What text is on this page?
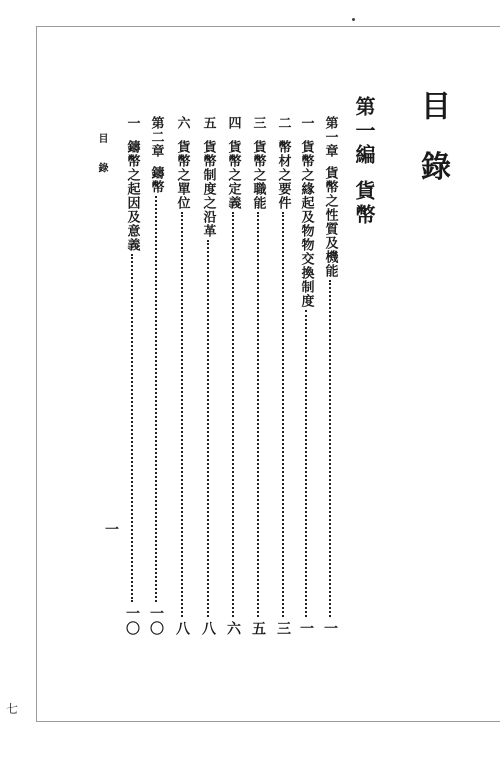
目 錄
第一編貨幣
第一章
貨幣之性質及機能
一
一
貨幣之緣起及物物交換制度
一
二
幣材之要件
三
三
貨幣之職能
五
四
貨幣之定義
六
五
貨幣制度之沿革
八
六
貨幣之單位
八
第二章
鑄幣
一〇
一
鑄幣之起因及意義
一〇
目 錄
一
七
